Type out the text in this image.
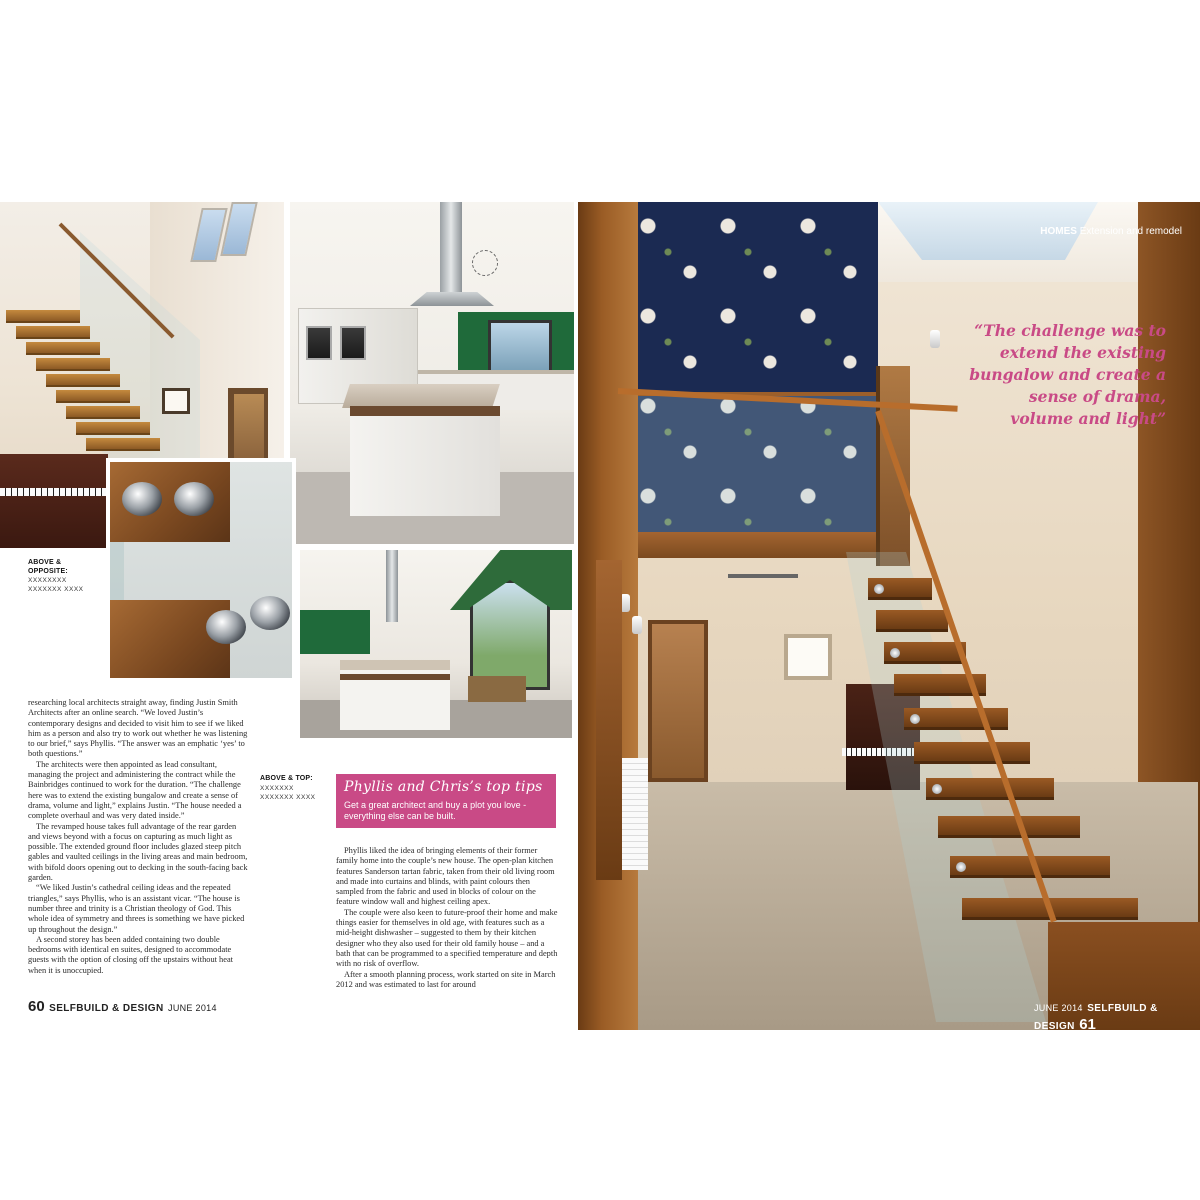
ABOVE & OPPOSITE:
XXXXXXXX
XXXXXXX XXXX
ABOVE & TOP:
XXXXXXX
XXXXXXX XXXX

researching local architects straight away, finding Justin Smith Architects after an online search. “We loved Justin’s contemporary designs and decided to visit him to see if we liked him as a person and also try to work out whether he was listening to our brief,” says Phyllis. “The answer was an emphatic ‘yes’ to both questions.”

The architects were then appointed as lead consultant, managing the project and administering the contract while the Bainbridges continued to work for the duration. “The challenge here was to extend the existing bungalow and create a sense of drama, volume and light,” explains Justin. “The house needed a complete overhaul and was very dated inside.”

The revamped house takes full advantage of the rear garden and views beyond with a focus on capturing as much light as possible. The extended ground floor includes glazed steep pitch gables and vaulted ceilings in the living areas and main bedroom, with bifold doors opening out to decking in the south-facing back garden.

“We liked Justin’s cathedral ceiling ideas and the repeated triangles,” says Phyllis, who is an assistant vicar. “The house is number three and trinity is a Christian theology of God. This whole idea of symmetry and threes is something we have picked up throughout the design.”

A second storey has been added containing two double bedrooms with identical en suites, designed to accommodate guests with the option of closing off the upstairs without heat when it is unoccupied.

Phyllis and Chris’s top tips
Get a great architect and buy a plot you love - everything else can be built.

Phyllis liked the idea of bringing elements of their former family home into the couple’s new house. The open-plan kitchen features Sanderson tartan fabric, taken from their old living room and made into curtains and blinds, with paint colours then sampled from the fabric and used in blocks of colour on the feature window wall and highest ceiling apex.

The couple were also keen to future-proof their home and make things easier for themselves in old age, with features such as a mid-height dishwasher – suggested to them by their kitchen designer who they also used for their old family house – and a bath that can be programmed to a specified temperature and depth with no risk of overflow.

After a smooth planning process, work started on site in March 2012 and was estimated to last for around

60 SELFBUILD & DESIGN JUNE 2014
HOMES Extension and remodel
“The challenge was to extend the existing bungalow and create a sense of drama, volume and light”
JUNE 2014 SELFBUILD & DESIGN 61
